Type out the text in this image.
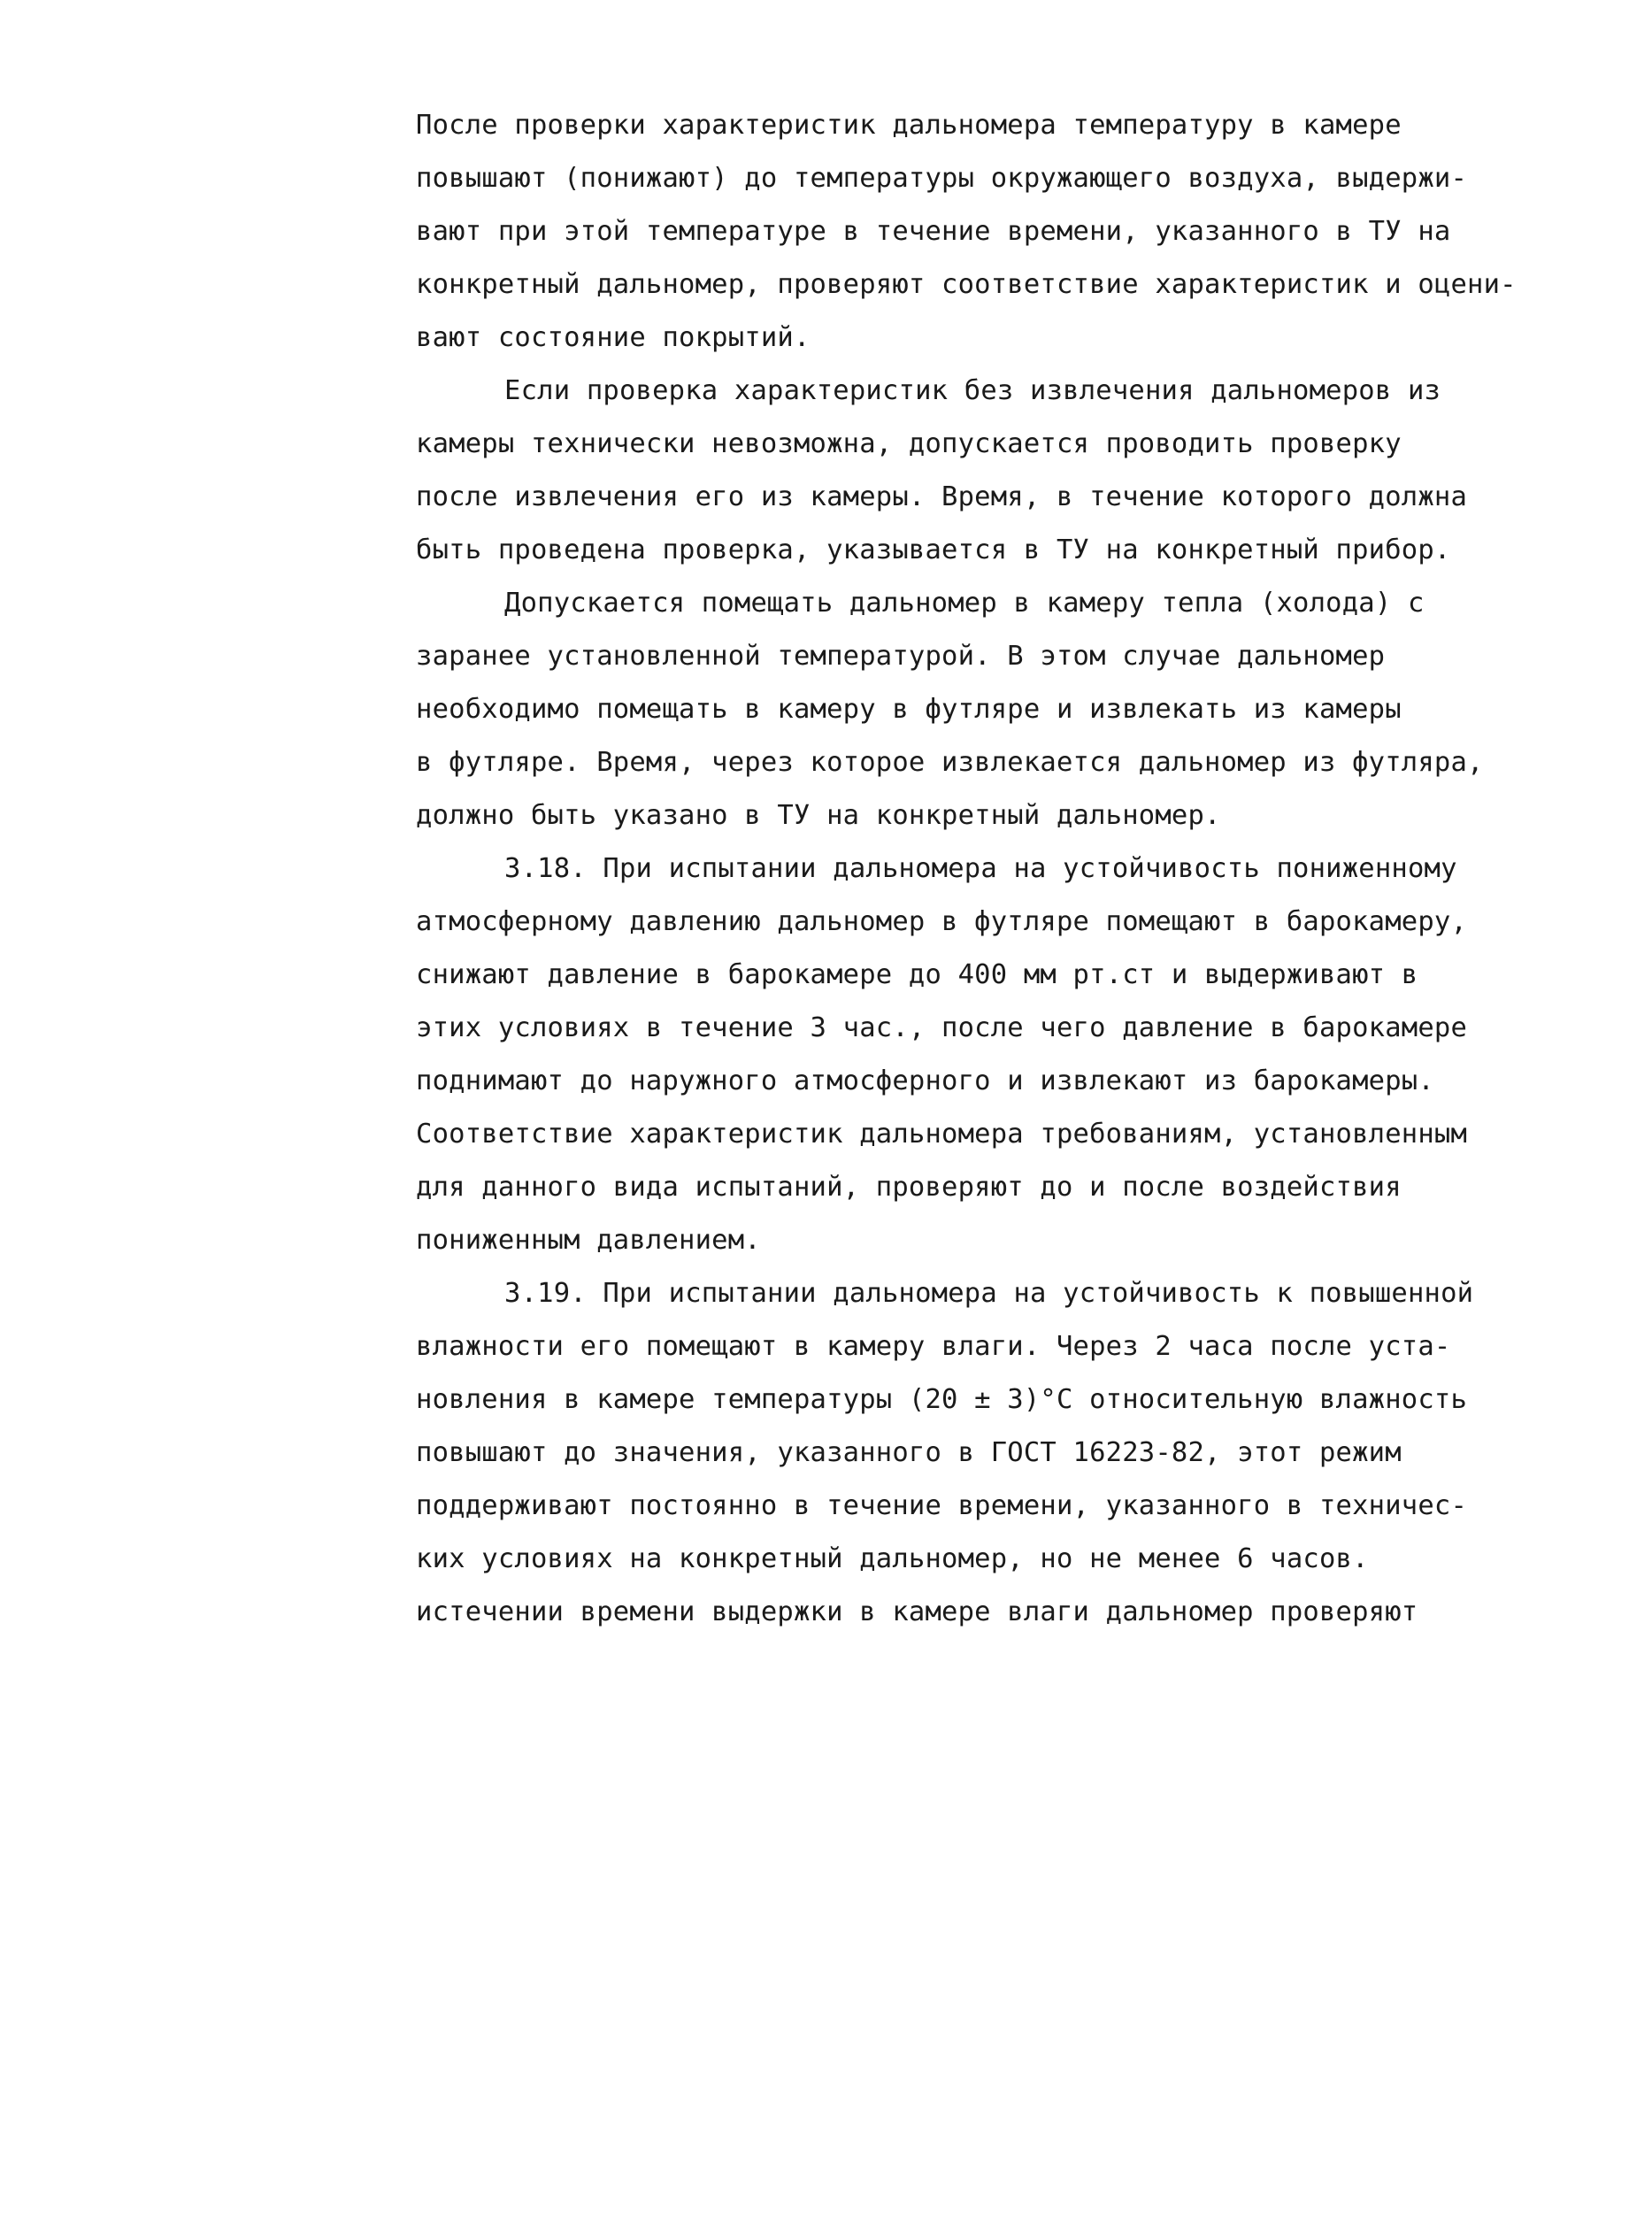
После проверки характеристик дальномера температуру в камере
повышают (понижают) до температуры окружающего воздуха, выдержи-
вают при этой температуре в течение времени, указанного в ТУ на
конкретный дальномер, проверяют соответствие характеристик и оцени-
вают состояние покрытий.
Если проверка характеристик без извлечения дальномеров из
камеры технически невозможна, допускается проводить проверку
после извлечения его из камеры. Время, в течение которого должна
быть проведена проверка, указывается в ТУ на конкретный прибор.
Допускается помещать дальномер в камеру тепла (холода) с
заранее установленной температурой. В этом случае дальномер
необходимо помещать в камеру в футляре и извлекать из камеры
в футляре. Время, через которое извлекается дальномер из футляра,
должно быть указано в ТУ на конкретный дальномер.
3.18. При испытании дальномера на устойчивость пониженному
атмосферному давлению дальномер в футляре помещают в барокамеру,
снижают давление в барокамере до 400 мм рт.ст и выдерживают в
этих условиях в течение 3 час., после чего давление в барокамере
поднимают до наружного атмосферного и извлекают из барокамеры.
Соответствие характеристик дальномера требованиям, установленным
для данного вида испытаний, проверяют до и после воздействия
пониженным давлением.
3.19. При испытании дальномера на устойчивость к повышенной
влажности его помещают в камеру влаги. Через 2 часа после уста-
новления в камере температуры (20 ± 3)°С относительную влажность
повышают до значения, указанного в ГОСТ 16223-82, этот режим
поддерживают постоянно в течение времени, указанного в техничес-
ких условиях на конкретный дальномер, но не менее 6 часов.
истечении времени выдержки в камере влаги дальномер проверяют
